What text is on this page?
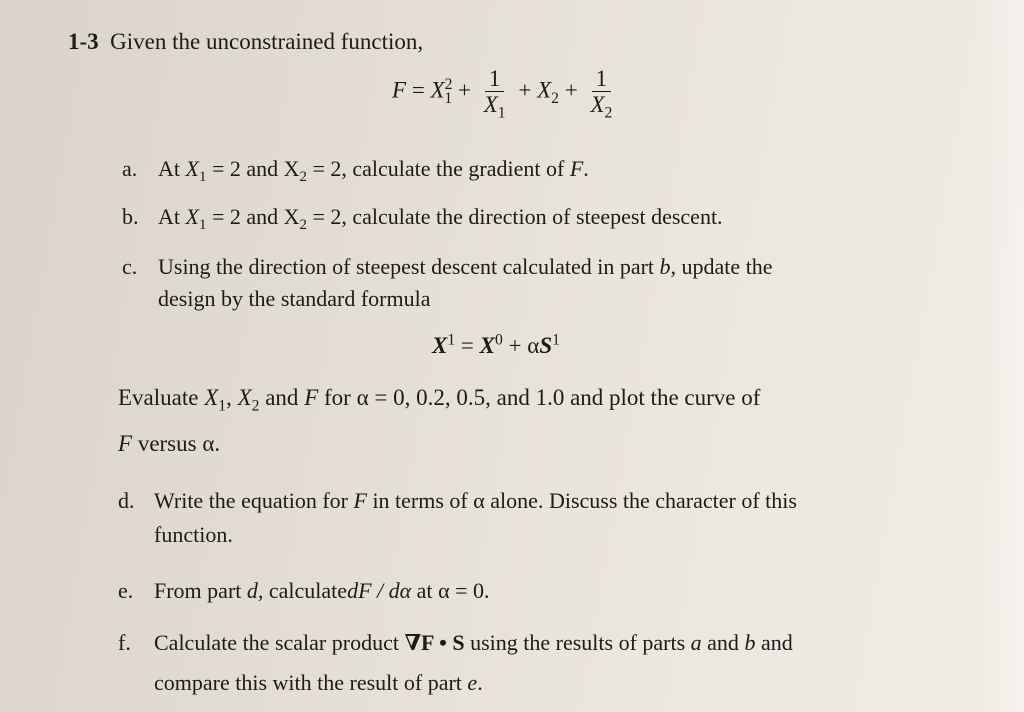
1-3 Given the unconstrained function,
$F = X^2_1 + \frac{1}{X_1} + X_2 + \frac{1}{X_2}$
a. At $X_1 = 2$ and $X_2 = 2$, calculate the gradient of F.
b. At $X_1 = 2$ and $X_2 = 2$, calculate the direction of steepest descent.
c. Using the direction of steepest descent calculated in part b, update the
design by the standard formula
$X^1 = X^0 + \alpha S^1$
Evaluate $X_1$, $X_2$ and F for α = 0, 0.2, 0.5, and 1.0 and plot the curve of
F versus α.
d. Write the equation for F in terms of α alone. Discuss the character of this
function.
e. From part d, calculatedF / dα at α = 0.
f. Calculate the scalar product ∇F • S using the results of parts a and b and
compare this with the result of part e.
